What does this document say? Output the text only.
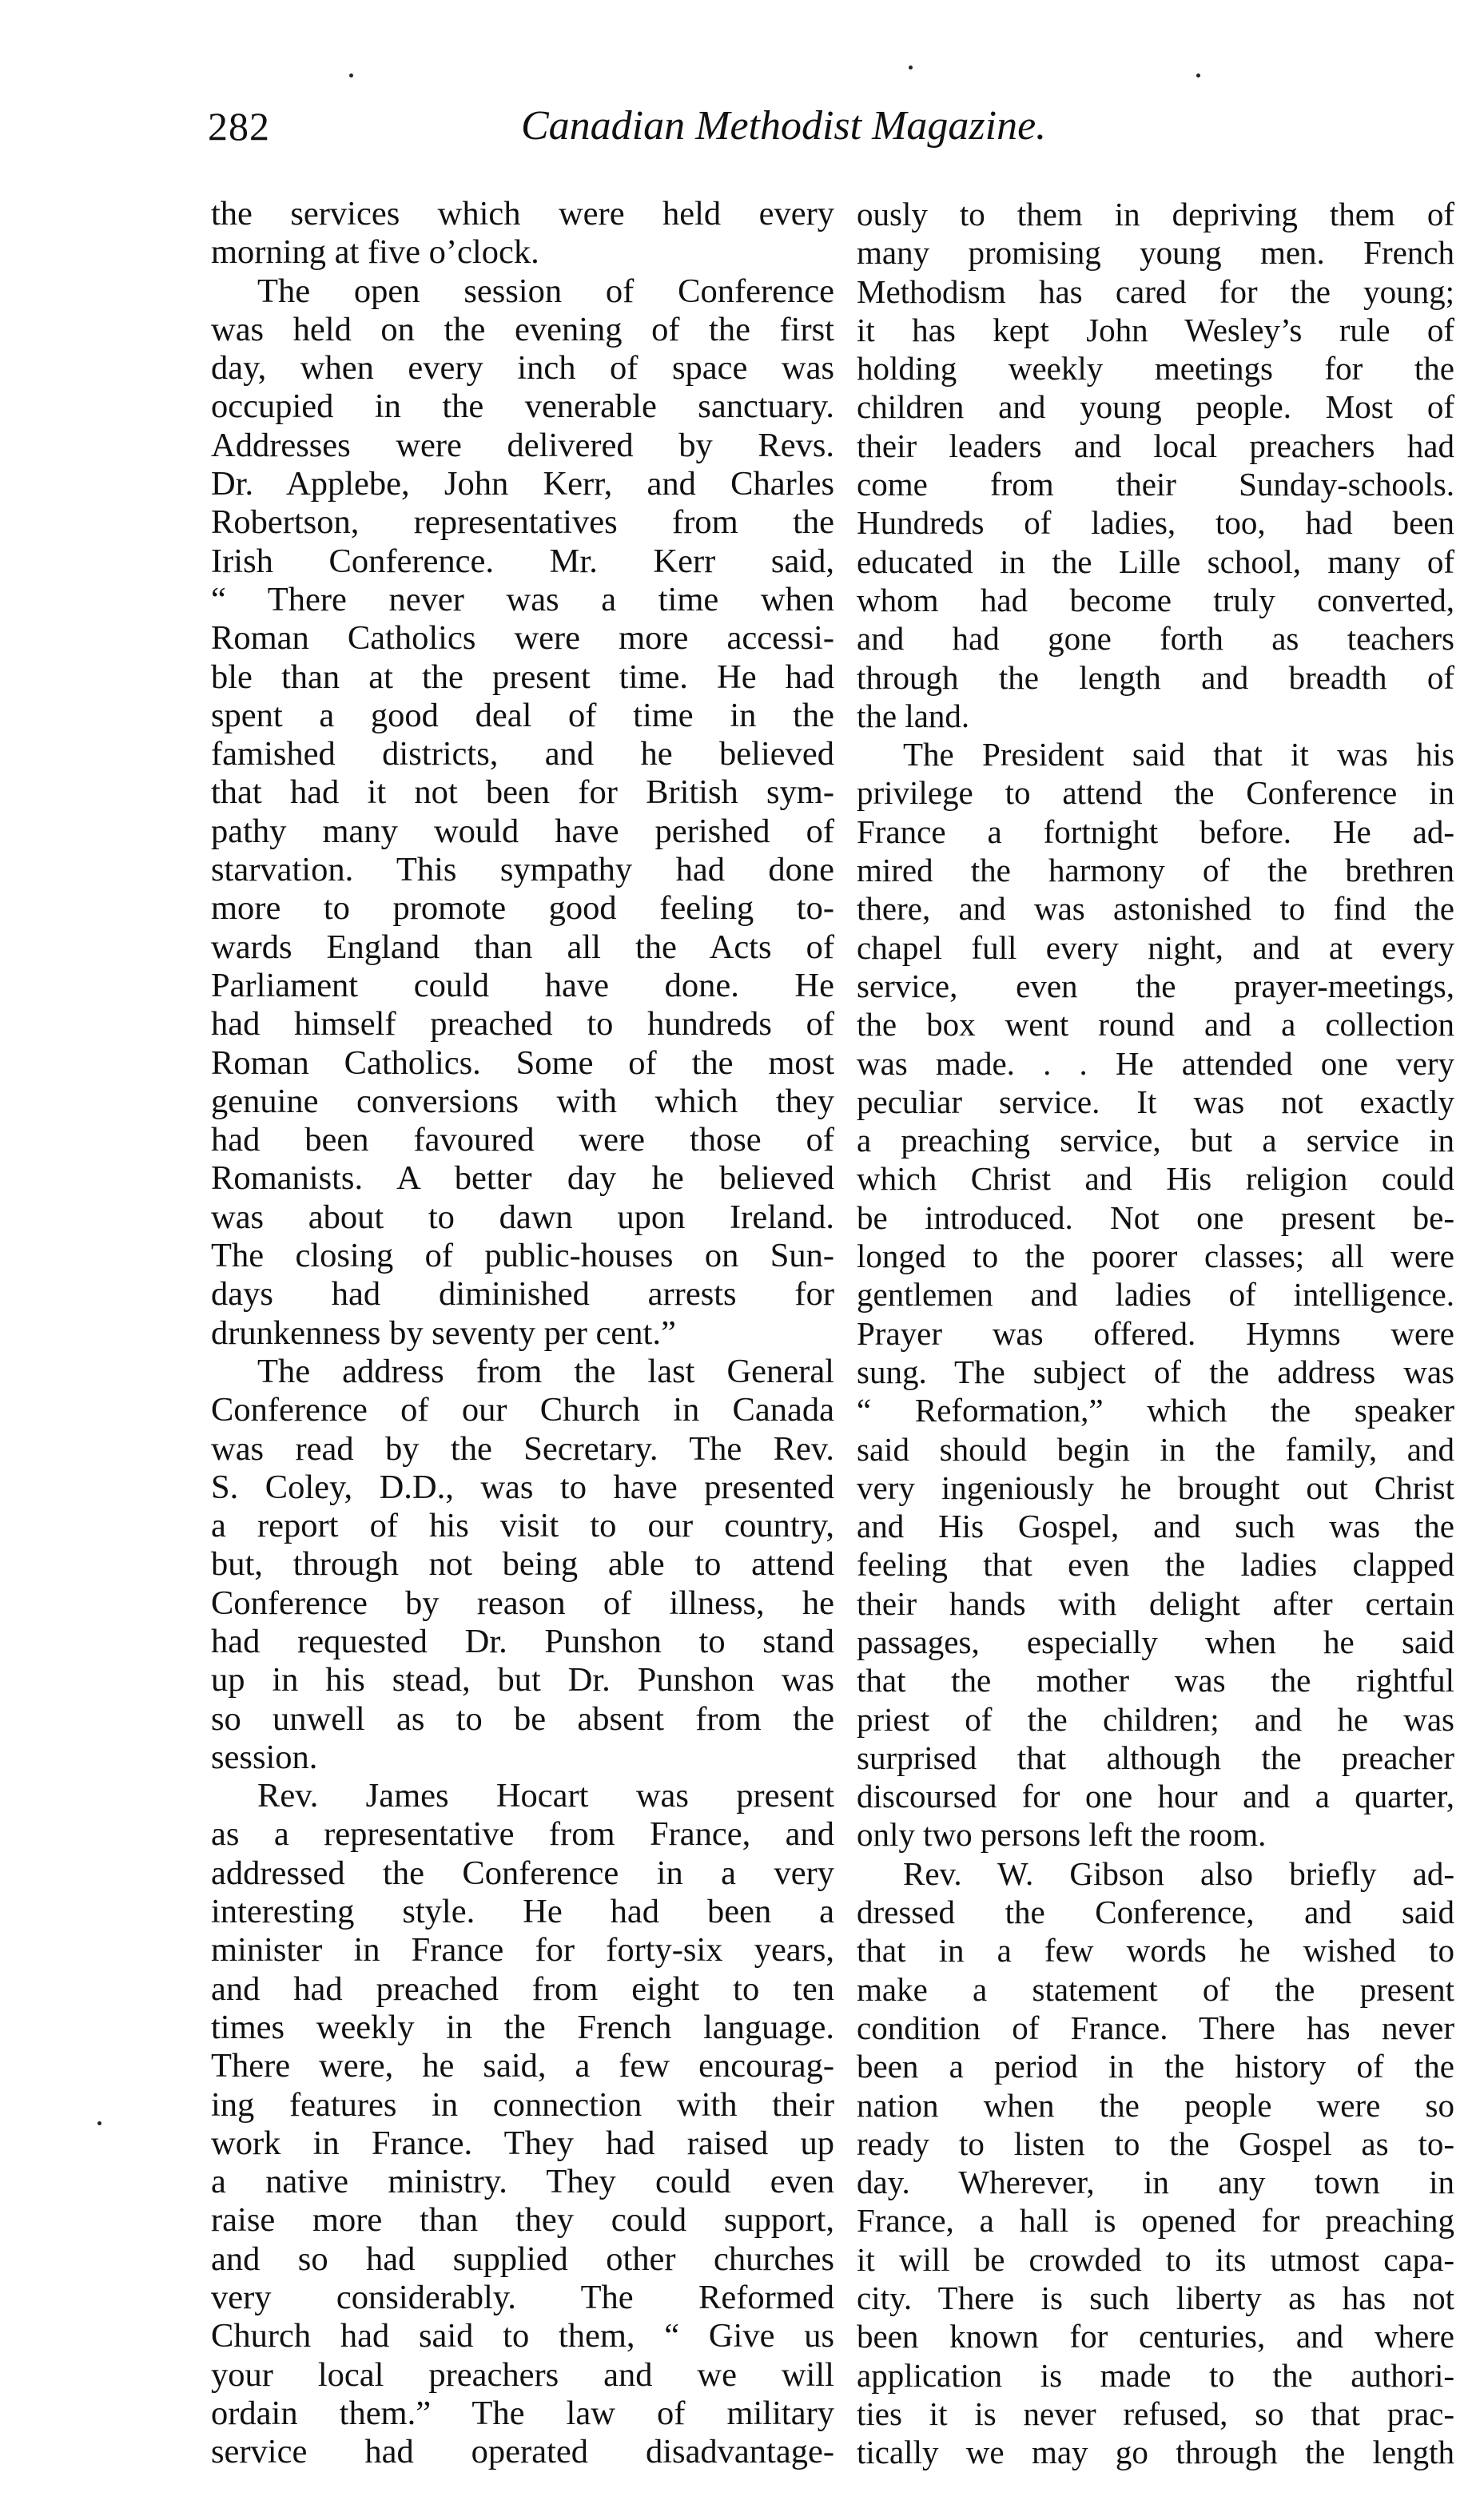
282	Canadian Methodist Magazine.
the services which were held every
morning at five o’clock.
The open session of Conference
was held on the evening of the first
day, when every inch of space was
occupied in the venerable sanctuary.
Addresses were delivered by Revs.
Dr. Applebe, John Kerr, and Charles
Robertson, representatives from the
Irish Conference. Mr. Kerr said,
“ There never was a time when
Roman Catholics were more accessi-
ble than at the present time. He had
spent a good deal of time in the
famished districts, and he believed
that had it not been for British sym-
pathy many would have perished of
starvation. This sympathy had done
more to promote good feeling to-
wards England than all the Acts of
Parliament could have done. He
had himself preached to hundreds of
Roman Catholics. Some of the most
genuine conversions with which they
had been favoured were those of
Romanists. A better day he believed
was about to dawn upon Ireland.
The closing of public-houses on Sun-
days had diminished arrests for
drunkenness by seventy per cent.”
The address from the last General
Conference of our Church in Canada
was read by the Secretary. The Rev.
S. Coley, D.D., was to have presented
a report of his visit to our country,
but, through not being able to attend
Conference by reason of illness, he
had requested Dr. Punshon to stand
up in his stead, but Dr. Punshon was
so unwell as to be absent from the
session.
Rev. James Hocart was present
as a representative from France, and
addressed the Conference in a very
interesting style. He had been a
minister in France for forty-six years,
and had preached from eight to ten
times weekly in the French language.
There were, he said, a few encourag-
ing features in connection with their
work in France. They had raised up
a native ministry. They could even
raise more than they could support,
and so had supplied other churches
very considerably. The Reformed
Church had said to them, “ Give us
your local preachers and we will
ordain them.” The law of military
service had operated disadvantage-
ously to them in depriving them of
many promising young men. French
Methodism has cared for the young;
it has kept John Wesley’s rule of
holding weekly meetings for the
children and young people. Most of
their leaders and local preachers had
come from their Sunday-schools.
Hundreds of ladies, too, had been
educated in the Lille school, many of
whom had become truly converted,
and had gone forth as teachers
through the length and breadth of
the land.
The President said that it was his
privilege to attend the Conference in
France a fortnight before. He ad-
mired the harmony of the brethren
there, and was astonished to find the
chapel full every night, and at every
service, even the prayer-meetings,
the box went round and a collection
was made. . . He attended one very
peculiar service. It was not exactly
a preaching service, but a service in
which Christ and His religion could
be introduced. Not one present be-
longed to the poorer classes; all were
gentlemen and ladies of intelligence.
Prayer was offered. Hymns were
sung. The subject of the address was
“ Reformation,” which the speaker
said should begin in the family, and
very ingeniously he brought out Christ
and His Gospel, and such was the
feeling that even the ladies clapped
their hands with delight after certain
passages, especially when he said
that the mother was the rightful
priest of the children; and he was
surprised that although the preacher
discoursed for one hour and a quarter,
only two persons left the room.
Rev. W. Gibson also briefly ad-
dressed the Conference, and said
that in a few words he wished to
make a statement of the present
condition of France. There has never
been a period in the history of the
nation when the people were so
ready to listen to the Gospel as to-
day. Wherever, in any town in
France, a hall is opened for preaching
it will be crowded to its utmost capa-
city. There is such liberty as has not
been known for centuries, and where
application is made to the authori-
ties it is never refused, so that prac-
tically we may go through the length
